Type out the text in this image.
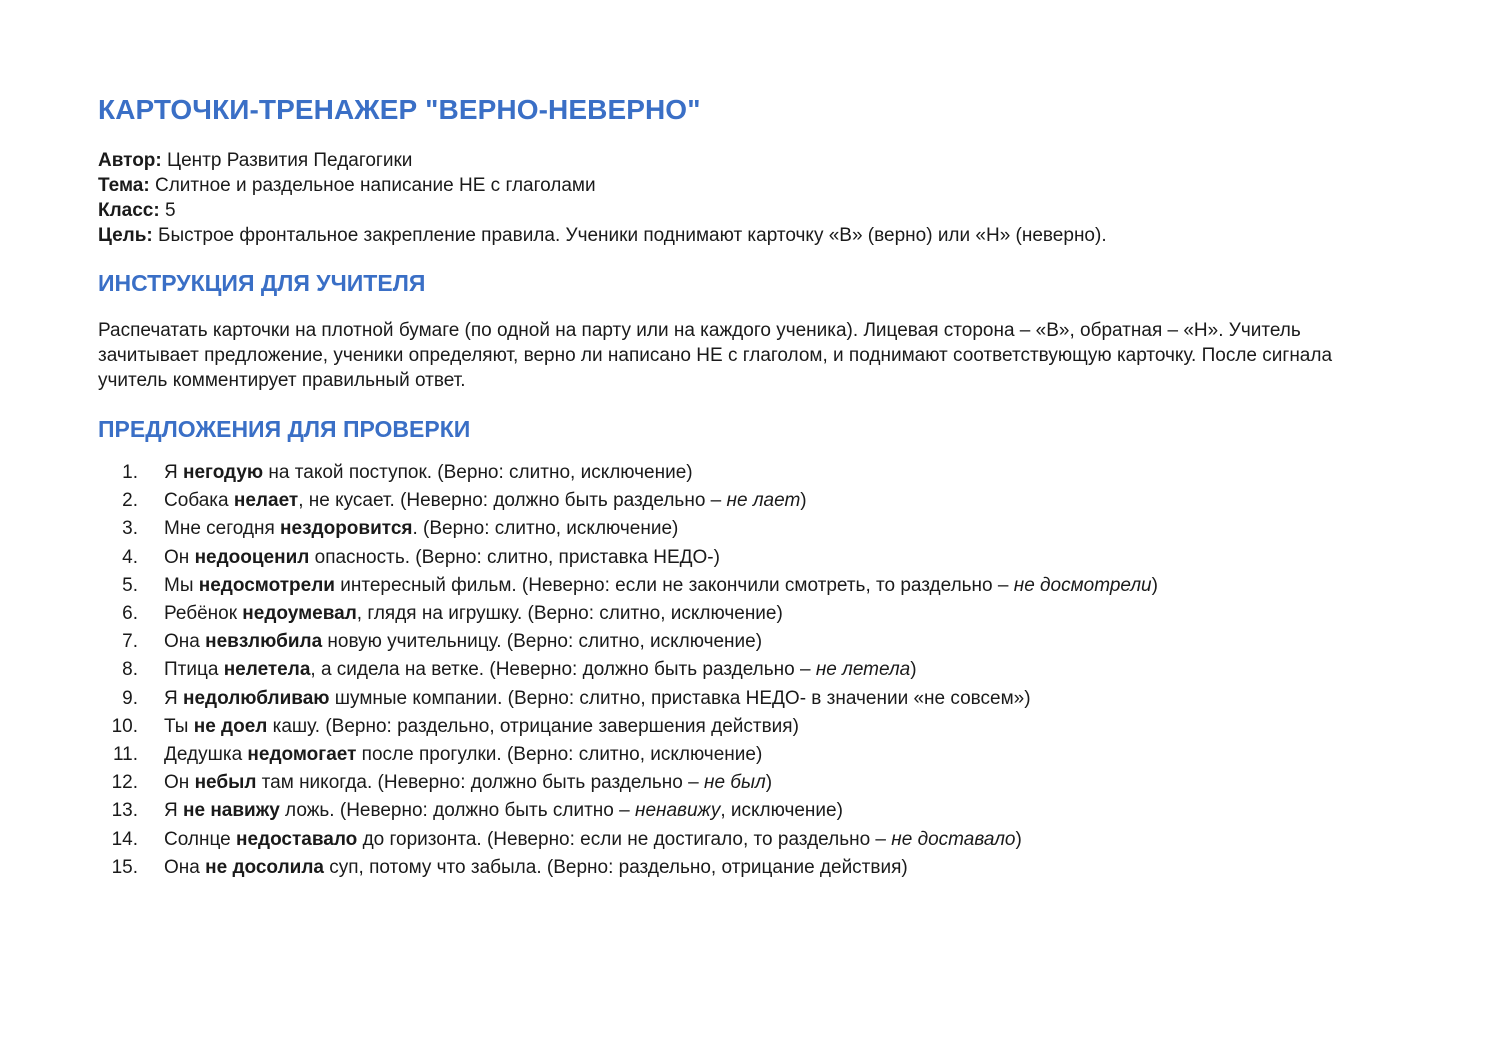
КАРТОЧКИ-ТРЕНАЖЕР "ВЕРНО-НЕВЕРНО"
Автор: Центр Развития Педагогики
Тема: Слитное и раздельное написание НЕ с глаголами
Класс: 5
Цель: Быстрое фронтальное закрепление правила. Ученики поднимают карточку «В» (верно) или «Н» (неверно).
ИНСТРУКЦИЯ ДЛЯ УЧИТЕЛЯ
Распечатать карточки на плотной бумаге (по одной на парту или на каждого ученика). Лицевая сторона – «В», обратная – «Н». Учитель зачитывает предложение, ученики определяют, верно ли написано НЕ с глаголом, и поднимают соответствующую карточку. После сигнала учитель комментирует правильный ответ.
ПРЕДЛОЖЕНИЯ ДЛЯ ПРОВЕРКИ
1.	Я негодую на такой поступок. (Верно: слитно, исключение)
2.	Собака нелает, не кусает. (Неверно: должно быть раздельно – не лает)
3.	Мне сегодня нездоровится. (Верно: слитно, исключение)
4.	Он недооценил опасность. (Верно: слитно, приставка НЕДО-)
5.	Мы недосмотрели интересный фильм. (Неверно: если не закончили смотреть, то раздельно – не досмотрели)
6.	Ребёнок недоумевал, глядя на игрушку. (Верно: слитно, исключение)
7.	Она невзлюбила новую учительницу. (Верно: слитно, исключение)
8.	Птица нелетела, а сидела на ветке. (Неверно: должно быть раздельно – не летела)
9.	Я недолюбливаю шумные компании. (Верно: слитно, приставка НЕДО- в значении «не совсем»)
10.	Ты не доел кашу. (Верно: раздельно, отрицание завершения действия)
11.	Дедушка недомогает после прогулки. (Верно: слитно, исключение)
12.	Он небыл там никогда. (Неверно: должно быть раздельно – не был)
13.	Я не навижу ложь. (Неверно: должно быть слитно – ненавижу, исключение)
14.	Солнце недоставало до горизонта. (Неверно: если не достигало, то раздельно – не доставало)
15.	Она не досолила суп, потому что забыла. (Верно: раздельно, отрицание действия)
